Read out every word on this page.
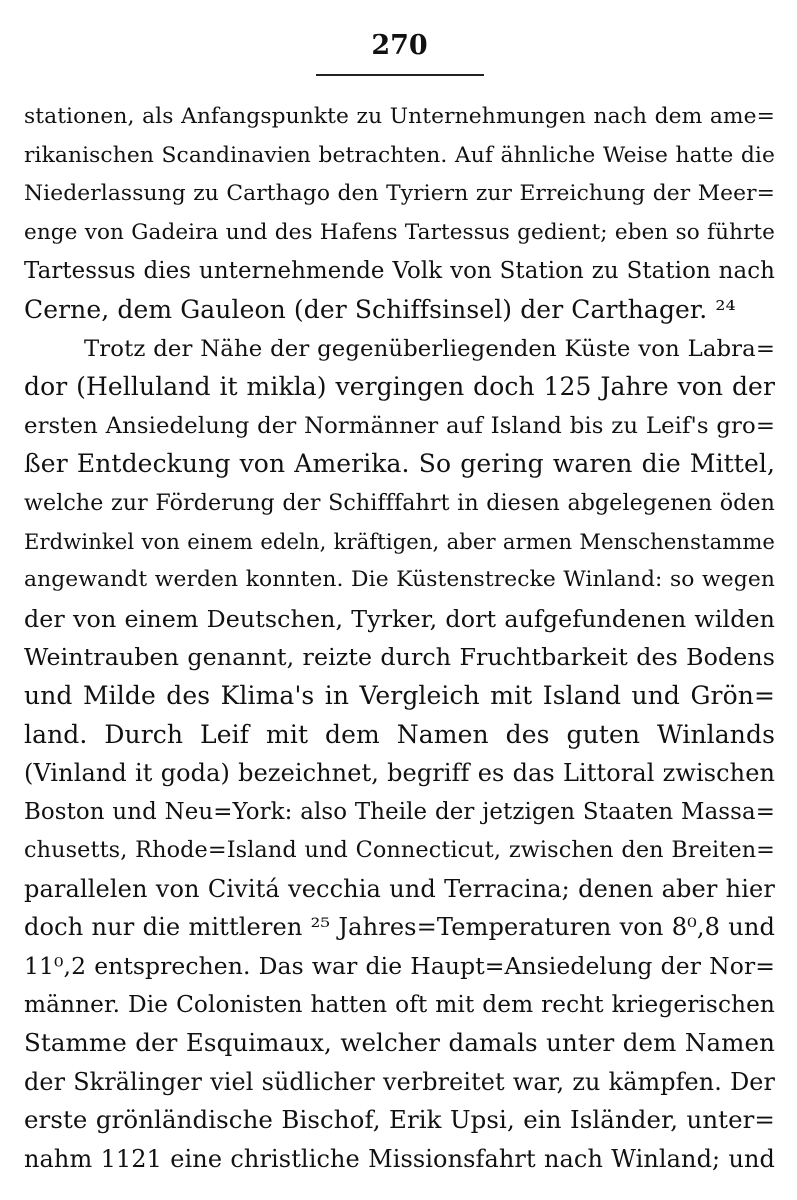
270
stationen, als Anfangspunkte zu Unternehmungen nach dem ame=
rikanischen Scandinavien betrachten. Auf ähnliche Weise hatte die
Niederlassung zu Carthago den Tyriern zur Erreichung der Meer=
enge von Gadeira und des Hafens Tartessus gedient; eben so führte
Tartessus dies unternehmende Volk von Station zu Station nach
Cerne, dem Gauleon (der Schiffsinsel) der Carthager. ²⁴
Trotz der Nähe der gegenüberliegenden Küste von Labra=
dor (Helluland it mikla) vergingen doch 125 Jahre von der
ersten Ansiedelung der Normänner auf Island bis zu Leif's gro=
ßer Entdeckung von Amerika. So gering waren die Mittel,
welche zur Förderung der Schifffahrt in diesen abgelegenen öden
Erdwinkel von einem edeln, kräftigen, aber armen Menschenstamme
angewandt werden konnten. Die Küstenstrecke Winland: so wegen
der von einem Deutschen, Tyrker, dort aufgefundenen wilden
Weintrauben genannt, reizte durch Fruchtbarkeit des Bodens
und Milde des Klima's in Vergleich mit Island und Grön=
land. Durch Leif mit dem Namen des guten Winlands
(Vinland it goda) bezeichnet, begriff es das Littoral zwischen
Boston und Neu=York: also Theile der jetzigen Staaten Massa=
chusetts, Rhode=Island und Connecticut, zwischen den Breiten=
parallelen von Civitá vecchia und Terracina; denen aber hier
doch nur die mittleren ²⁵ Jahres=Temperaturen von 8⁰,8 und
11⁰,2 entsprechen. Das war die Haupt=Ansiedelung der Nor=
männer. Die Colonisten hatten oft mit dem recht kriegerischen
Stamme der Esquimaux, welcher damals unter dem Namen
der Skrälinger viel südlicher verbreitet war, zu kämpfen. Der
erste grönländische Bischof, Erik Upsi, ein Isländer, unter=
nahm 1121 eine christliche Missionsfahrt nach Winland; und
